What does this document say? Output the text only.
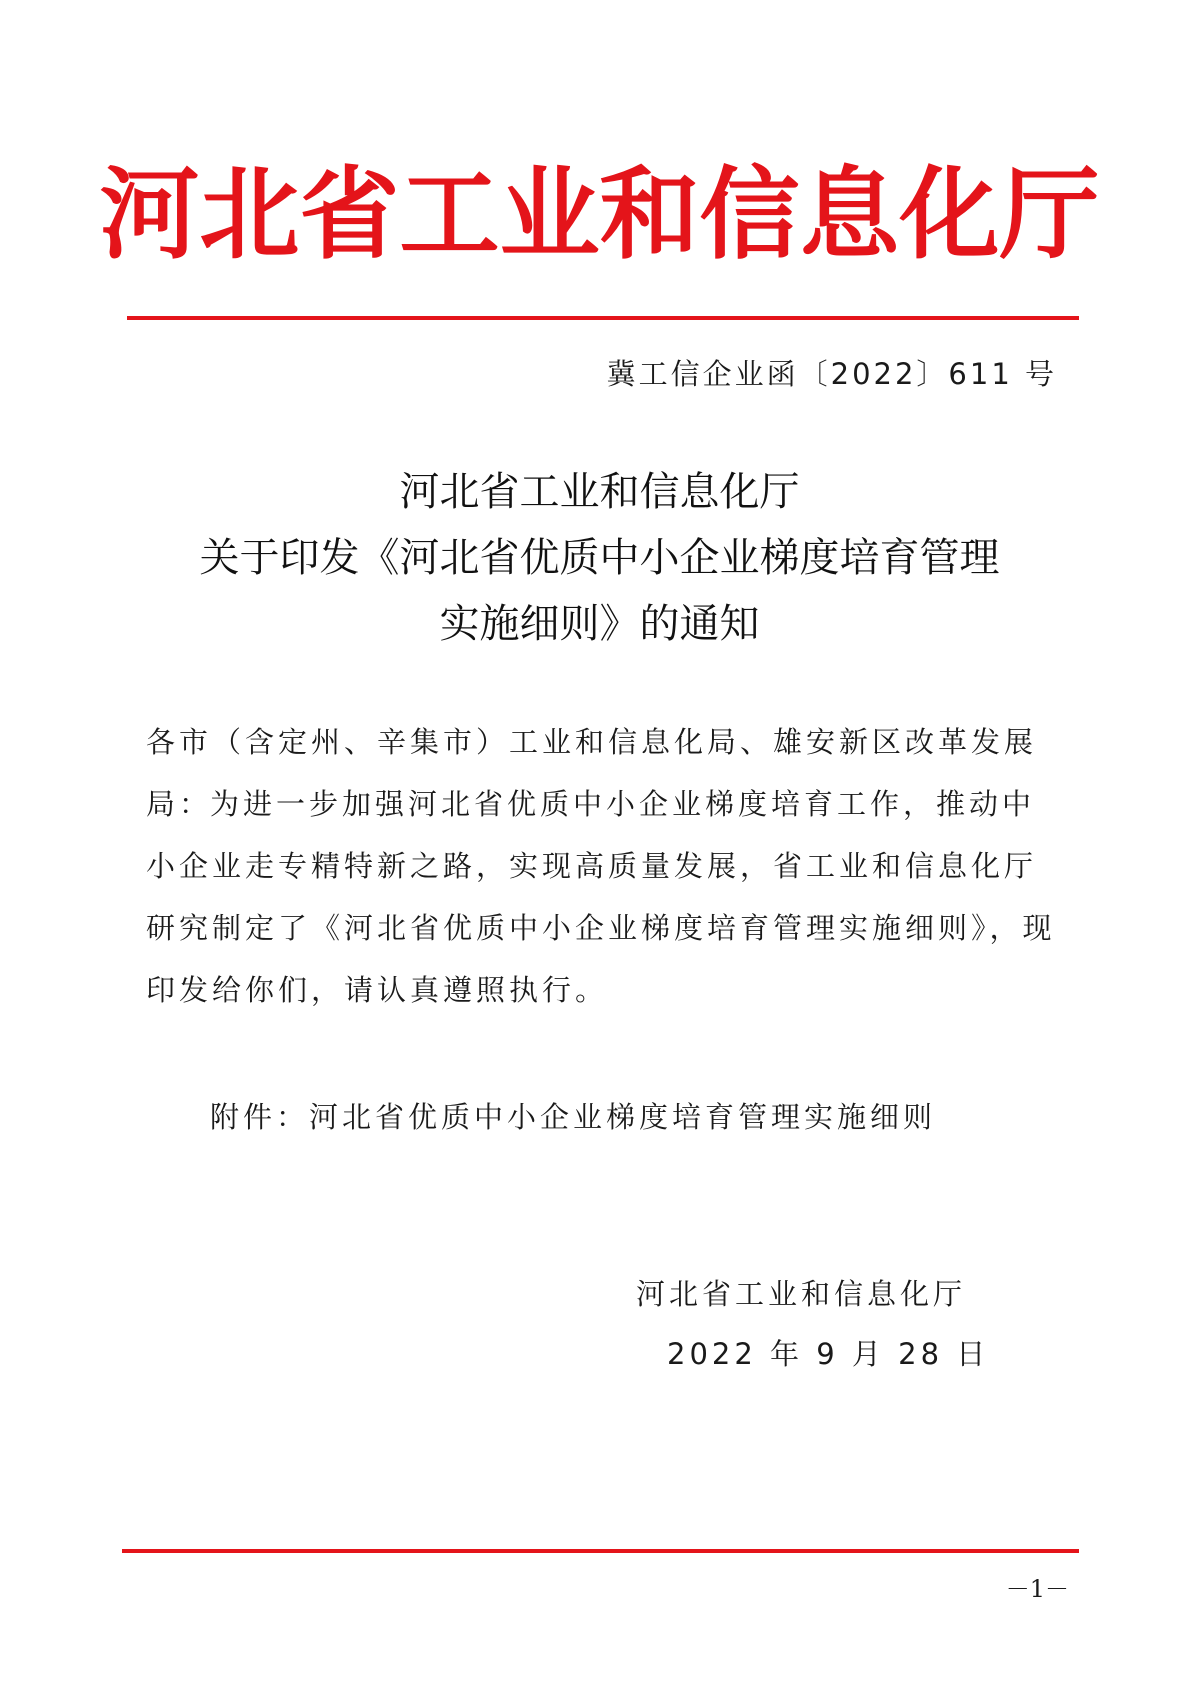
河北省工业和信息化厅
冀工信企业函〔2022〕611 号
河北省工业和信息化厅
关于印发《河北省优质中小企业梯度培育管理
实施细则》的通知
各市（含定州、辛集市）工业和信息化局、雄安新区改革发展局：
为进一步加强河北省优质中小企业梯度培育工作，推动中小企业走专精特新之路，实现高质量发展，省工业和信息化厅研究制定了《河北省优质中小企业梯度培育管理实施细则》，现印发给你们，请认真遵照执行。
附件：河北省优质中小企业梯度培育管理实施细则
河北省工业和信息化厅
2022 年 9 月 28 日
－1－
